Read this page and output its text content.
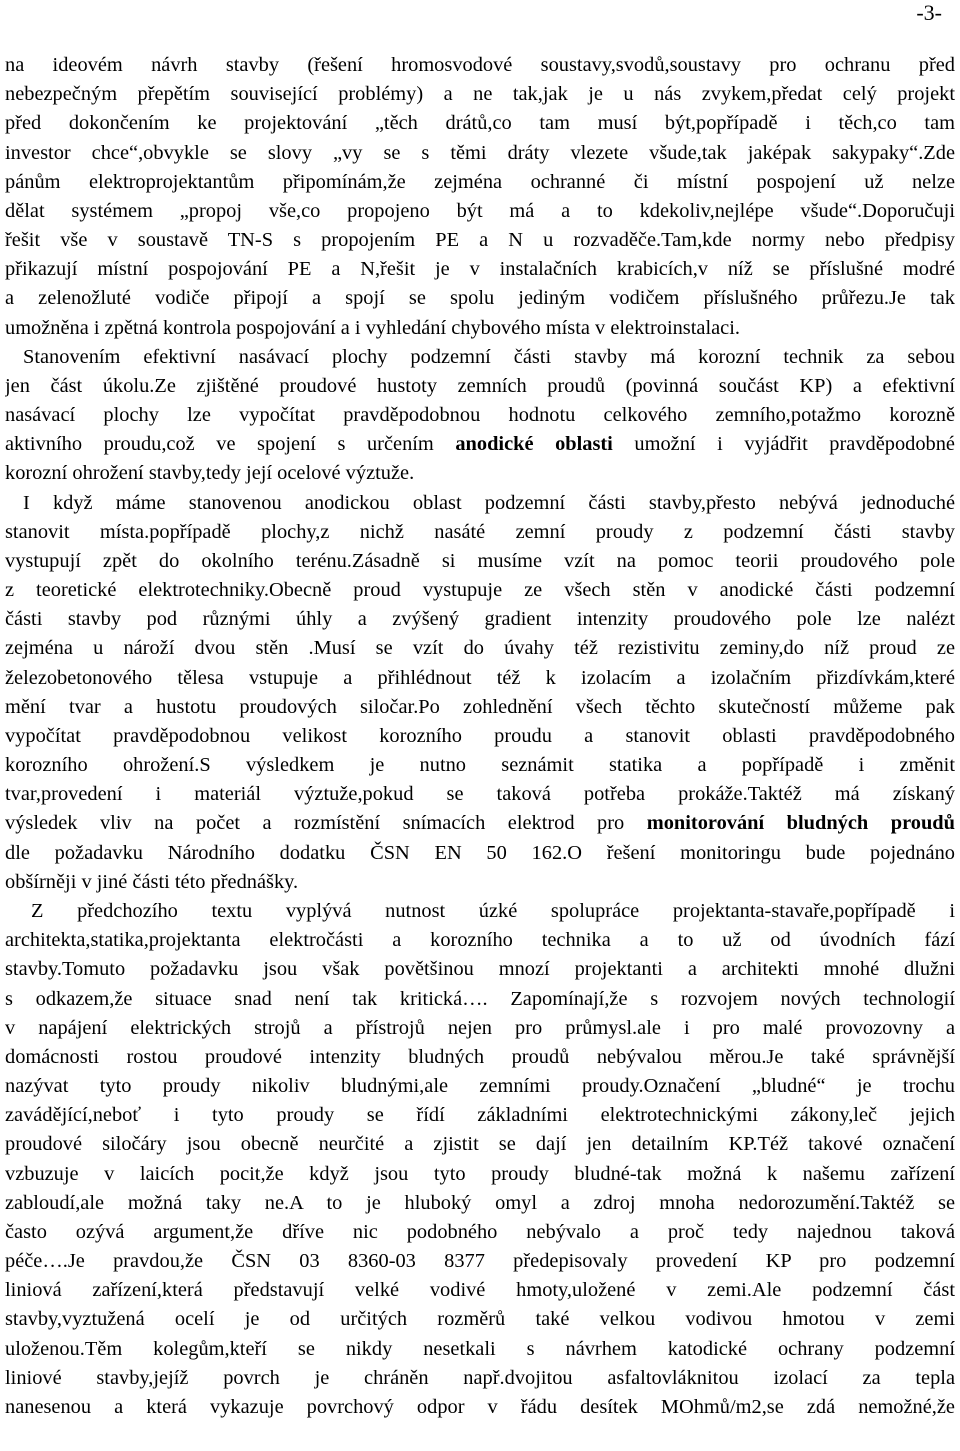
-3-
na ideovém návrh stavby (řešení hromosvodové soustavy,svodů,soustavy pro ochranu před
nebezpečným přepětím související problémy) a ne tak,jak je u nás zvykem,předat celý projekt
před dokončením ke projektování „těch drátů,co tam musí být,popřípadě i těch,co tam
investor chce“,obvykle se slovy „vy se s těmi dráty vlezete všude,tak jaképak sakypaky“.Zde
pánům elektroprojektantům připomínám,že zejména ochranné či místní pospojení už nelze
dělat systémem „propoj vše,co propojeno být má a to kdekoliv,nejlépe všude“.Doporučuji
řešit vše v soustavě TN-S s propojením PE a N u rozvaděče.Tam,kde normy nebo předpisy
přikazují místní pospojování PE a N,řešit je v instalačních krabicích,v níž se příslušné modré
a zelenožluté vodiče připojí a spojí se spolu jediným vodičem příslušného průřezu.Je tak
umožněna i zpětná kontrola pospojování a i vyhledání chybového místa v elektroinstalaci.
Stanovením efektivní nasávací plochy podzemní části stavby má korozní technik za sebou
jen část úkolu.Ze zjištěné proudové hustoty zemních proudů (povinná součást KP) a efektivní
nasávací plochy lze vypočítat pravděpodobnou hodnotu celkového zemního,potažmo korozně
aktivního proudu,což ve spojení s určením anodické oblasti umožní i vyjádřit pravděpodobné
korozní ohrožení stavby,tedy její ocelové výztuže.
I když máme stanovenou anodickou oblast podzemní části stavby,přesto nebývá jednoduché
stanovit místa.popřípadě plochy,z nichž nasáté zemní proudy z podzemní části stavby
vystupují zpět do okolního terénu.Zásadně si musíme vzít na pomoc teorii proudového pole
z teoretické elektrotechniky.Obecně proud vystupuje ze všech stěn v anodické části podzemní
části stavby pod různými úhly a zvýšený gradient intenzity proudového pole lze nalézt
zejména u nároží dvou stěn .Musí se vzít do úvahy též rezistivitu zeminy,do níž proud ze
železobetonového tělesa vstupuje a přihlédnout též k izolacím a izolačním přizdívkám,které
mění tvar a hustotu proudových siločar.Po zohlednění všech těchto skutečností můžeme pak
vypočítat pravděpodobnou velikost korozního proudu a stanovit oblasti pravděpodobného
korozního ohrožení.S výsledkem je nutno seznámit statika a popřípadě i změnit
tvar,provedení i materiál výztuže,pokud se taková potřeba prokáže.Taktéž má získaný
výsledek vliv na počet a rozmístění snímacích elektrod pro monitorování bludných proudů
dle požadavku Národního dodatku ČSN EN 50 162.O řešení monitoringu bude pojednáno
obšírněji v jiné části této přednášky.
Z předchozího textu vyplývá nutnost úzké spolupráce projektanta-stavaře,popřípadě i
architekta,statika,projektanta elektročásti a korozního technika a to už od úvodních fází
stavby.Tomuto požadavku jsou však povětšinou mnozí projektanti a architekti mnohé dlužni
s odkazem,že situace snad není tak kritická…. Zapomínají,že s rozvojem nových technologií
v napájení elektrických strojů a přístrojů nejen pro průmysl.ale i pro malé provozovny a
domácnosti rostou proudové intenzity bludných proudů nebývalou měrou.Je také správnější
nazývat tyto proudy nikoliv bludnými,ale zemními proudy.Označení „bludné“ je trochu
zavádějící,neboť i tyto proudy se řídí základními elektrotechnickými zákony,leč jejich
proudové siločáry jsou obecně neurčité a zjistit se dají jen detailním KP.Též takové označení
vzbuzuje v laicích pocit,že když jsou tyto proudy bludné-tak možná k našemu zařízení
zabloudí,ale možná taky ne.A to je hluboký omyl a zdroj mnoha nedorozumění.Taktéž se
často ozývá argument,že dříve nic podobného nebývalo a proč tedy najednou taková
péče….Je pravdou,že ČSN 03 8360-03 8377 předepisovaly provedení KP pro podzemní
liniová zařízení,která představují velké vodivé hmoty,uložené v zemi.Ale podzemní část
stavby,vyztužená ocelí je od určitých rozměrů také velkou vodivou hmotou v zemi
uloženou.Těm kolegům,kteří se nikdy nesetkali s návrhem katodické ochrany podzemní
liniové stavby,jejíž povrch je chráněn např.dvojitou asfaltovláknitou izolací za tepla
nanesenou a která vykazuje povrchový odpor v řádu desítek MOhmů/m2,se zdá nemožné,že
